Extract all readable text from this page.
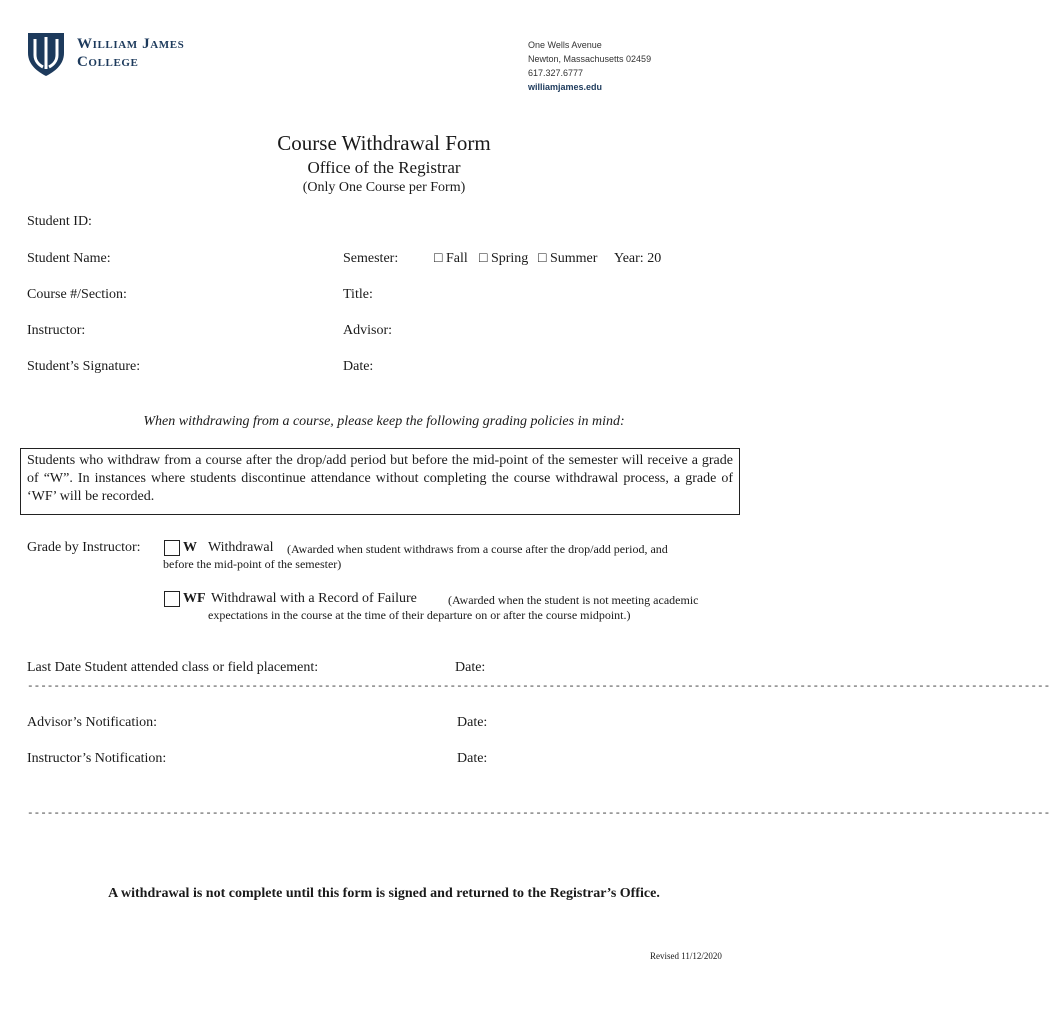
William James
College
One Wells Avenue
Newton, Massachusetts 02459
617.327.6777
williamjames.edu
Course Withdrawal Form
Office of the Registrar
(Only One Course per Form)
Student ID:
Student Name:	Semester:	□ Fall □ Spring □ Summer Year: 20
Course #/Section:	Title:
Instructor:	Advisor:
Student’s Signature:	Date:
When withdrawing from a course, please keep the following grading policies in mind:
Students who withdraw from a course after the drop/add period but before the mid-point of the semester will receive a grade of “W”. In instances where students discontinue attendance without completing the course withdrawal process, a grade of ‘WF’ will be recorded.
Grade by Instructor:	W Withdrawal (Awarded when student withdraws from a course after the drop/add period, and
before the mid-point of the semester)
WF Withdrawal with a Record of Failure	(Awarded when the student is not meeting academic
expectations in the course at the time of their departure on or after the course midpoint.)
Last Date Student attended class or field placement:	Date:
-----------------------------------------------------------------------------------------------------------------------------------------------------------
Advisor’s Notification:	Date:
Instructor’s Notification:	Date:
-----------------------------------------------------------------------------------------------------------------------------------------------------------
A withdrawal is not complete until this form is signed and returned to the Registrar’s Office.
Revised 11/12/2020
